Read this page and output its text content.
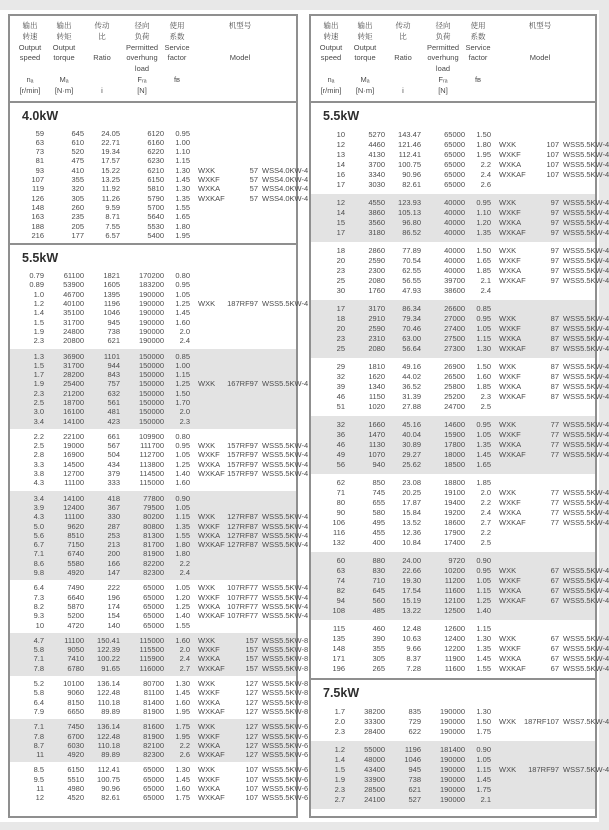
输出
转速
Output
speed
nₐ
[r/min]
输出
转矩
Output
torque
Mₐ
[N·m]
传动
比
Ratio
i
径向
负荷
Permitted
overhung
load
Fᵣₐ
[N]
使用
系数
Service
factor
fʙ
机型号
Model
4.0kW
59	645	24.05	6120	0.95
63	610	22.71	6160	1.00
73	520	19.34	6220	1.10
81	475	17.57	6230	1.15
93	410	15.22	6210	1.30 WXK	57 WSS4.0KW-4
107	355	13.25	6150	1.45 WXKF	57 WSS4.0KW-4
119	320	11.92	5810	1.30 WXKA	57 WSS4.0KW-4
126	305	11.26	5790	1.35 WXKAF	57 WSS4.0KW-4
148	260	9.59	5700	1.55
163	235	8.71	5640	1.65
188	205	7.55	5530	1.80
216	177	6.57	5400	1.95
5.5kW
0.79	61100	1821	170200	0.80
0.89	53900	1605	183200	0.95
1.0	46700	1395	190000	1.05
1.2	40100	1196	190000	1.25 WXK	187RF97 WSS5.5KW-4
1.4	35100	1046	190000	1.45
1.5	31700	945	190000	1.60
1.9	24800	738	190000	2.0
2.3	20800	621	190000	2.4
1.3	36900	1101	150000	0.85
1.5	31700	944	150000	1.00
1.7	28200	843	150000	1.15
1.9	25400	757	150000	1.25 WXK	167RF97 WSS5.5KW-4
2.3	21200	632	150000	1.50
2.5	18700	561	150000	1.70
3.0	16100	481	150000	2.0
3.4	14100	423	150000	2.3
2.2	22100	661	109900	0.80
2.5	19000	567	111700	0.95 WXK	157RF97 WSS5.5KW-4
2.8	16900	504	112700	1.05 WXKF 157RF97 WSS5.5KW-4
3.3	14500	434	113800	1.25 WXKA 157RF97 WSS5.5KW-4
3.8	12700	379	114500	1.40 WXKAF 157RF97 WSS5.5KW-4
4.3	11100	333	115000	1.60
3.4	14100	418	77800	0.90
3.9	12400	367	79500	1.05
4.3	11100	330	80200	1.15 WXK	127RF87 WSS5.5KW-4
5.0	9620	287	80800	1.35 WXKF 127RF87 WSS5.5KW-4
5.6	8510	253	81300	1.55 WXKA 127RF87 WSS5.5KW-4
6.7	7150	213	81700	1.80 WXKAF 127RF87 WSS5.5KW-4
7.1	6740	200	81900	1.80
8.6	5580	166	82200	2.2
9.8	4920	147	82300	2.4
6.4	7490	222	65000	1.05 WXK	107RF77 WSS5.5KW-4
7.3	6640	196	65000	1.20 WXKF 107RF77 WSS5.5KW-4
8.2	5870	174	65000	1.25 WXKA 107RF77 WSS5.5KW-4
9.3	5200	154	65000	1.40 WXKAF 107RF77 WSS5.5KW-4
10	4720	140	65000	1.55
4.7	11100	150.41	115000	1.60 WXK	157 WSS5.5KW-8
5.8	9050	122.39	115500	2.0 WXKF	157 WSS5.5KW-8
7.1	7410	100.22	115900	2.4 WXKA	157 WSS5.5KW-8
7.8	6780	91.65	116000	2.7 WXKAF	157 WSS5.5KW-8
5.2	10100	136.14	80700	1.30 WXK	127 WSS5.5KW-8
5.8	9060	122.48	81100	1.45 WXKF	127 WSS5.5KW-8
6.4	8150	110.18	81400	1.60 WXKA	127 WSS5.5KW-8
7.9	6650	89.89	81900	1.95 WXKAF	127 WSS5.5KW-8
7.1	7450	136.14	81600	1.75 WXK	127 WSS5.5KW-6
7.8	6700	122.48	81900	1.95 WXKF	127 WSS5.5KW-6
8.7	6030	110.18	82100	2.2 WXKA	127 WSS5.5KW-6
11	4920	89.89	82300	2.6 WXKAF	127 WSS5.5KW-6
8.5	6150	112.41	65000	1.30 WXK	107 WSS5.5KW-6
9.5	5510	100.75	65000	1.45 WXKF	107 WSS5.5KW-6
11	4980	90.96	65000	1.60 WXKA	107 WSS5.5KW-6
12	4520	82.61	65000	1.75 WXKAF	107 WSS5.5KW-6
输出
转速
Output
speed
nₐ
[r/min]
输出
转矩
Output
torque
Mₐ
[N·m]
传动
比
Ratio
i
径向
负荷
Permitted
overhung
load
Fᵣₐ
[N]
使用
系数
Service
factor
fʙ
机型号
Model
5.5kW
10	5270	143.47	65000	1.50
12	4460	121.46	65000	1.80 WXK	107 WSS5.5KW-4
13	4130	112.41	65000	1.95 WXKF	107 WSS5.5KW-4
14	3700	100.75	65000	2.2 WXKA	107 WSS5.5KW-4
16	3340	90.96	65000	2.4 WXKAF	107 WSS5.5KW-4
17	3030	82.61	65000	2.6
12	4550	123.93	40000	0.95 WXK	97 WSS5.5KW-4
14	3860	105.13	40000	1.10 WXKF	97 WSS5.5KW-4
15	3560	96.80	40000	1.20 WXKA	97 WSS5.5KW-4
17	3180	86.52	40000	1.35 WXKAF	97 WSS5.5KW-4
18	2860	77.89	40000	1.50 WXK	97 WSS5.5KW-4
20	2590	70.54	40000	1.65 WXKF	97 WSS5.5KW-4
23	2300	62.55	40000	1.85 WXKA	97 WSS5.5KW-4
25	2080	56.55	39700	2.1 WXKAF	97 WSS5.5KW-4
30	1760	47.93	38600	2.4
17	3170	86.34	26600	0.85
18	2910	79.34	27000	0.95 WXK	87 WSS5.5KW-4
20	2590	70.46	27400	1.05 WXKF	87 WSS5.5KW-4
23	2310	63.00	27500	1.15 WXKA	87 WSS5.5KW-4
25	2080	56.64	27300	1.30 WXKAF	87 WSS5.5KW-4
29	1810	49.16	26900	1.50 WXK	87 WSS5.5KW-4
32	1620	44.02	26500	1.60 WXKF	87 WSS5.5KW-4
39	1340	36.52	25800	1.85 WXKA	87 WSS5.5KW-4
46	1150	31.39	25200	2.3 WXKAF	87 WSS5.5KW-4
51	1020	27.88	24700	2.5
32	1660	45.16	14600	0.95 WXK	77 WSS5.5KW-4
36	1470	40.04	15900	1.05 WXKF	77 WSS5.5KW-4
46	1130	30.89	17800	1.35 WXKA	77 WSS5.5KW-4
49	1070	29.27	18000	1.45 WXKAF	77 WSS5.5KW-4
56	940	25.62	18500	1.65
62	850	23.08	18800	1.85
71	745	20.25	19100	2.0 WXK	77 WSS5.5KW-4
80	655	17.87	19400	2.2 WXKF	77 WSS5.5KW-4
90	580	15.84	19200	2.4 WXKA	77 WSS5.5KW-4
106	495	13.52	18600	2.7 WXKAF	77 WSS5.5KW-4
116	455	12.36	17900	2.2
132	400	10.84	17400	2.5
60	880	24.00	9720	0.90
63	830	22.66	10200	0.95 WXK	67 WSS5.5KW-4
74	710	19.30	11200	1.05 WXKF	67 WSS5.5KW-4
82	645	17.54	11600	1.15 WXKA	67 WSS5.5KW-4
94	560	15.19	12100	1.25 WXKAF	67 WSS5.5KW-4
108	485	13.22	12500	1.40
115	460	12.48	12600	1.15
135	390	10.63	12400	1.30 WXK	67 WSS5.5KW-4
148	355	9.66	12200	1.35 WXKF	67 WSS5.5KW-4
171	305	8.37	11900	1.45 WXKA	67 WSS5.5KW-4
196	265	7.28	11600	1.55 WXKAF	67 WSS5.5KW-4
7.5kW
1.7	38200	835	190000	1.30
2.0	33300	729	190000	1.50 WXK	187RF107 WSS7.5KW-4
2.3	28400	622	190000	1.75
1.2	55000	1196	181400	0.90
1.4	48000	1046	190000	1.05
1.5	43400	945	190000	1.15 WXK	187RF97 WSS7.5KW-4
1.9	33900	738	190000	1.45
2.3	28500	621	190000	1.75
2.7	24100	527	190000	2.1
